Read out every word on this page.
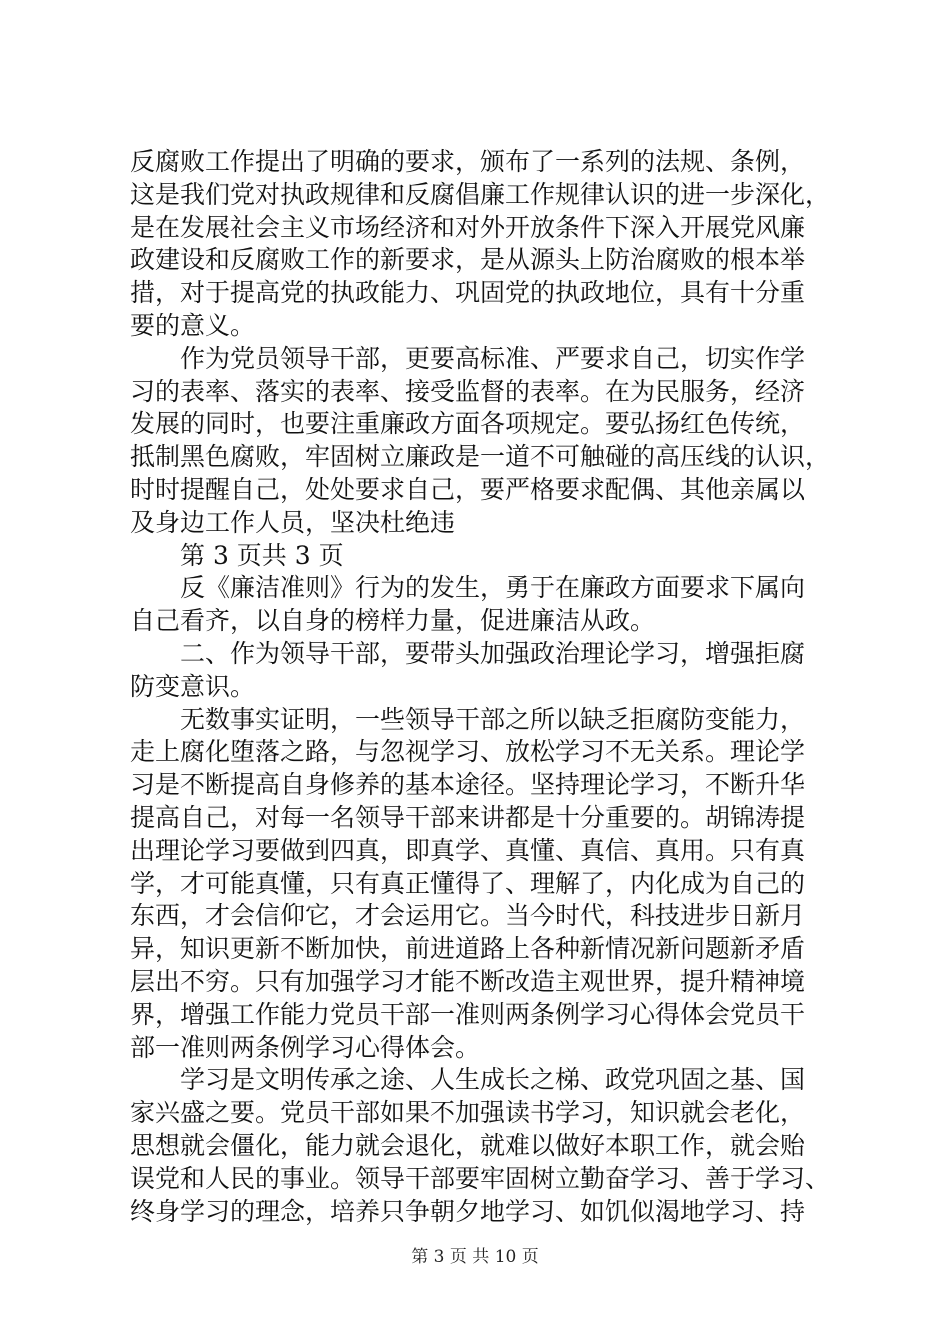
反腐败工作提出了明确的要求，颁布了一系列的法规、条例，
这是我们党对执政规律和反腐倡廉工作规律认识的进一步深化，
是在发展社会主义市场经济和对外开放条件下深入开展党风廉
政建设和反腐败工作的新要求，是从源头上防治腐败的根本举
措，对于提高党的执政能力、巩固党的执政地位，具有十分重
要的意义。
作为党员领导干部，更要高标准、严要求自己，切实作学
习的表率、落实的表率、接受监督的表率。在为民服务，经济
发展的同时，也要注重廉政方面各项规定。要弘扬红色传统，
抵制黑色腐败，牢固树立廉政是一道不可触碰的高压线的认识，
时时提醒自己，处处要求自己，要严格要求配偶、其他亲属以
及身边工作人员，坚决杜绝违
第 3 页共 3 页
反《廉洁准则》行为的发生，勇于在廉政方面要求下属向
自己看齐，以自身的榜样力量，促进廉洁从政。
二、作为领导干部，要带头加强政治理论学习，增强拒腐
防变意识。
无数事实证明，一些领导干部之所以缺乏拒腐防变能力，
走上腐化堕落之路，与忽视学习、放松学习不无关系。理论学
习是不断提高自身修养的基本途径。坚持理论学习，不断升华
提高自己，对每一名领导干部来讲都是十分重要的。胡锦涛提
出理论学习要做到四真，即真学、真懂、真信、真用。只有真
学，才可能真懂，只有真正懂得了、理解了，内化成为自己的
东西，才会信仰它，才会运用它。当今时代，科技进步日新月
异，知识更新不断加快，前进道路上各种新情况新问题新矛盾
层出不穷。只有加强学习才能不断改造主观世界，提升精神境
界，增强工作能力党员干部一准则两条例学习心得体会党员干
部一准则两条例学习心得体会。
学习是文明传承之途、人生成长之梯、政党巩固之基、国
家兴盛之要。党员干部如果不加强读书学习，知识就会老化，
思想就会僵化，能力就会退化，就难以做好本职工作，就会贻
误党和人民的事业。领导干部要牢固树立勤奋学习、善于学习、
终身学习的理念，培养只争朝夕地学习、如饥似渴地学习、持
第 3 页 共 10 页
